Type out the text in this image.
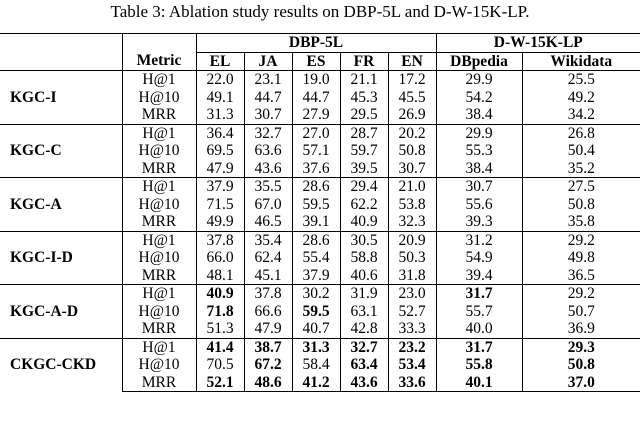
Table 3: Ablation study results on DBP-5L and D-W-15K-LP.
		DBP-5L					D-W-15K-LP	
	Metric	EL	JA	ES	FR	EN	DBpedia	Wikidata
KGC-I	H@1	22.0	23.1	19.0	21.1	17.2	29.9	25.5
	H@10	49.1	44.7	44.7	45.3	45.5	54.2	49.2
	MRR	31.3	30.7	27.9	29.5	26.9	38.4	34.2
KGC-C	H@1	36.4	32.7	27.0	28.7	20.2	29.9	26.8
	H@10	69.5	63.6	57.1	59.7	50.8	55.3	50.4
	MRR	47.9	43.6	37.6	39.5	30.7	38.4	35.2
KGC-A	H@1	37.9	35.5	28.6	29.4	21.0	30.7	27.5
	H@10	71.5	67.0	59.5	62.2	53.8	55.6	50.8
	MRR	49.9	46.5	39.1	40.9	32.3	39.3	35.8
KGC-I-D	H@1	37.8	35.4	28.6	30.5	20.9	31.2	29.2
	H@10	66.0	62.4	55.4	58.8	50.3	54.9	49.8
	MRR	48.1	45.1	37.9	40.6	31.8	39.4	36.5
KGC-A-D	H@1	40.9	37.8	30.2	31.9	23.0	31.7	29.2
	H@10	71.8	66.6	59.5	63.1	52.7	55.7	50.7
	MRR	51.3	47.9	40.7	42.8	33.3	40.0	36.9
CKGC-CKD	H@1	41.4	38.7	31.3	32.7	23.2	31.7	29.3
	H@10	70.5	67.2	58.4	63.4	53.4	55.8	50.8
	MRR	52.1	48.6	41.2	43.6	33.6	40.1	37.0
